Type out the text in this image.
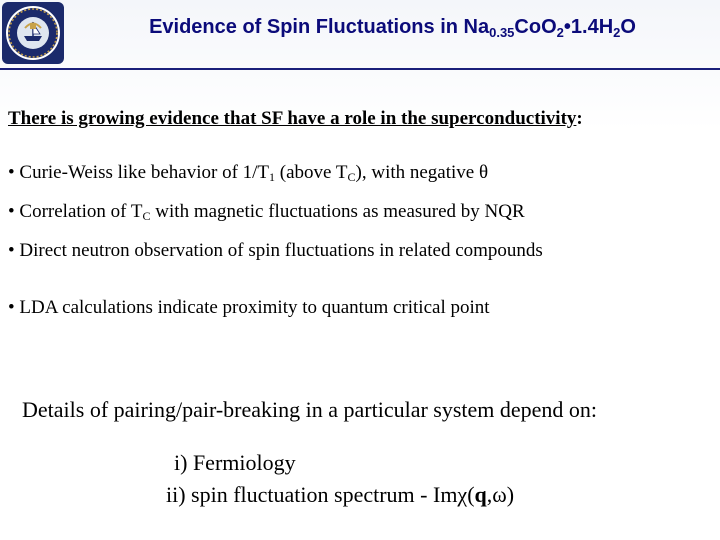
Evidence of Spin Fluctuations in $Na_{0.35}CoO_2•1.4H_2O$
There is growing evidence that SF have a role in the superconductivity:
• Curie-Weiss like behavior of $1/T_1$ (above $T_C$), with negative θ
• Correlation of $T_C$ with magnetic fluctuations as measured by NQR
• Direct neutron observation of spin fluctuations in related compounds
• LDA calculations indicate proximity to quantum critical point
Details of pairing/pair-breaking in a particular system depend on:
i) Fermiology
ii) spin fluctuation spectrum - Imχ(q,ω)
